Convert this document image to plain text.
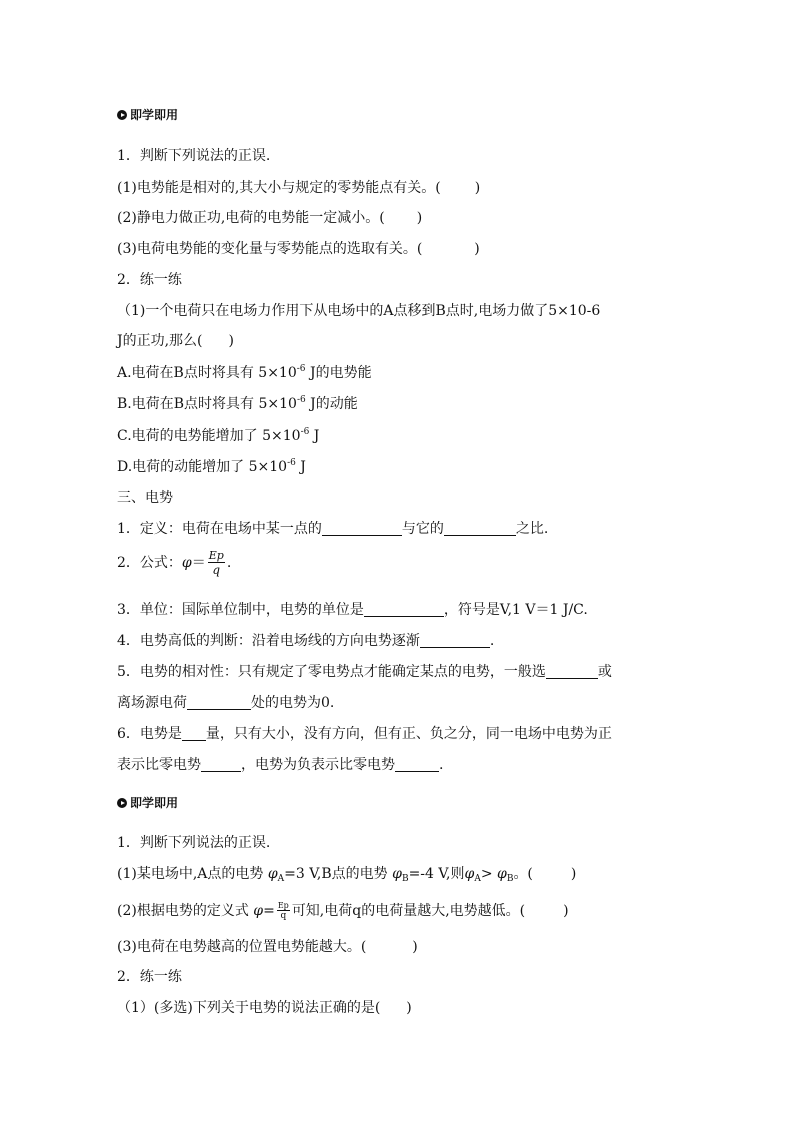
即学即用
1．判断下列说法的正误.
(1)电势能是相对的,其大小与规定的零势能点有关。( )
(2)静电力做正功,电荷的电势能一定减小。( )
(3)电荷电势能的变化量与零势能点的选取有关。(	)
2．练一练
（1)一个电荷只在电场力作用下从电场中的A点移到B点时,电场力做了5×10-6
J的正功,那么( )
A.电荷在B点时将具有 $5\times 10^{-6}$ J的电势能
B.电荷在B点时将具有 $5\times 10^{-6}$ J的动能
C.电荷的电势能增加了 $5\times 10^{-6}$ J
D.电荷的动能增加了 $5\times 10^{-6}$ J
三、电势
1．定义：电荷在电场中某一点的	与它的	之比.
2．公式：$\varphi= \frac{Ep}{q}$ .
3．单位：国际单位制中，电势的单位是	，符号是V,1 V＝1 J/C.
4．电势高低的判断：沿着电场线的方向电势逐渐	.
5．电势的相对性：只有规定了零电势点才能确定某点的电势，一般选	或
离场源电荷	处的电势为0.
6．电势是 量，只有大小，没有方向，但有正、负之分，同一电场中电势为正
表示比零电势	，电势为负表示比零电势	.
即学即用
1．判断下列说法的正误.
(1)某电场中,A点的电势 $\varphi_A=3$ V,B点的电势 $\varphi_B=-4$ V,则$\varphi_A> \varphi_B$。(	)
(2)根据电势的定义式 $\varphi= \frac{Ep}{q}$ 可知,电荷q的电荷量越大,电势越低。(	)
(3)电荷在电势越高的位置电势能越大。(	)
2．练一练
（1）(多选)下列关于电势的说法正确的是( )
